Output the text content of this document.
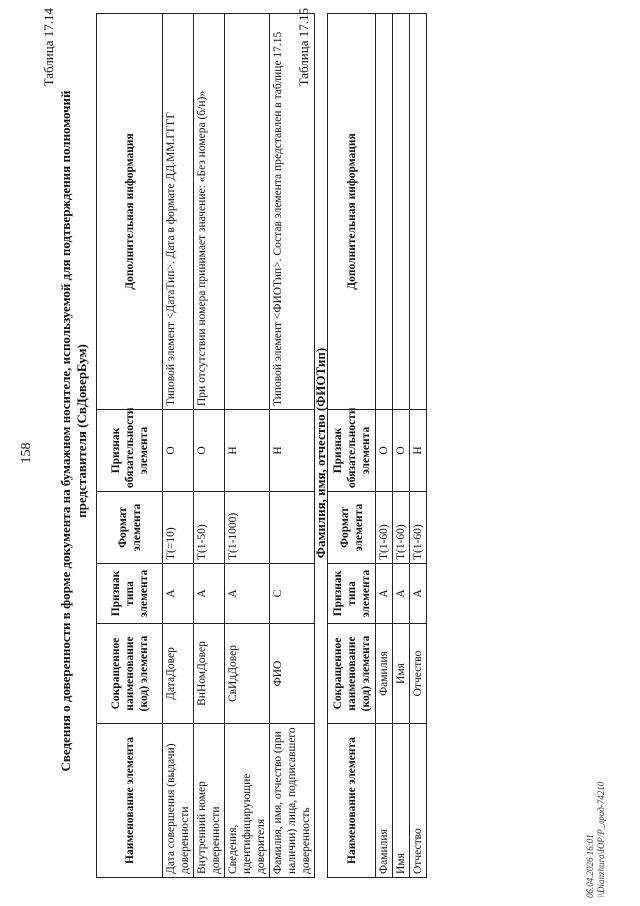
158
Таблица 17.14
Сведения о доверенности в форме документа на бумажном носителе, используемой для подтверждения полномочий представителя (СвДоверБум)
Наименование элемента	Сокращенное наименование (код) элемента	Признак типа элемента	Формат элемента	Признак обязательности элемента	Дополнительная информация
Дата совершения (выдачи) доверенности	ДатаДовер	А	T(=10)	О	Типовой элемент <ДатаТип>. Дата в формате ДД.ММ.ГГГГ
Внутренний номер доверенности	ВнНомДовер	А	T(1-50)	О	При отсутствии номера принимает значение: «Без номера (б/н)»
Сведения, идентифицирующие доверителя	СвИдДовер	А	T(1-1000)	Н	
Фамилия, имя, отчество (при наличии) лица, подписавшего доверенность	ФИО	С		Н	Типовой элемент <ФИОТип>. Состав элемента представлен в таблице 17.15 Таблица 17.15
Фамилия, имя, отчество (ФИОТип)
Наименование элемента	Сокращенное наименование (код) элемента	Признак типа элемента	Формат элемента	Признак обязательности элемента	Дополнительная информация
Фамилия	Фамилия	А	T(1-60)	О	
Имя	Имя	А	T(1-60)	О	
Отчество	Отчество	А	T(1-60)	Н	
06.04.2026 16:01 \\Dianzhura\ЮР/Р_лрид-74210
